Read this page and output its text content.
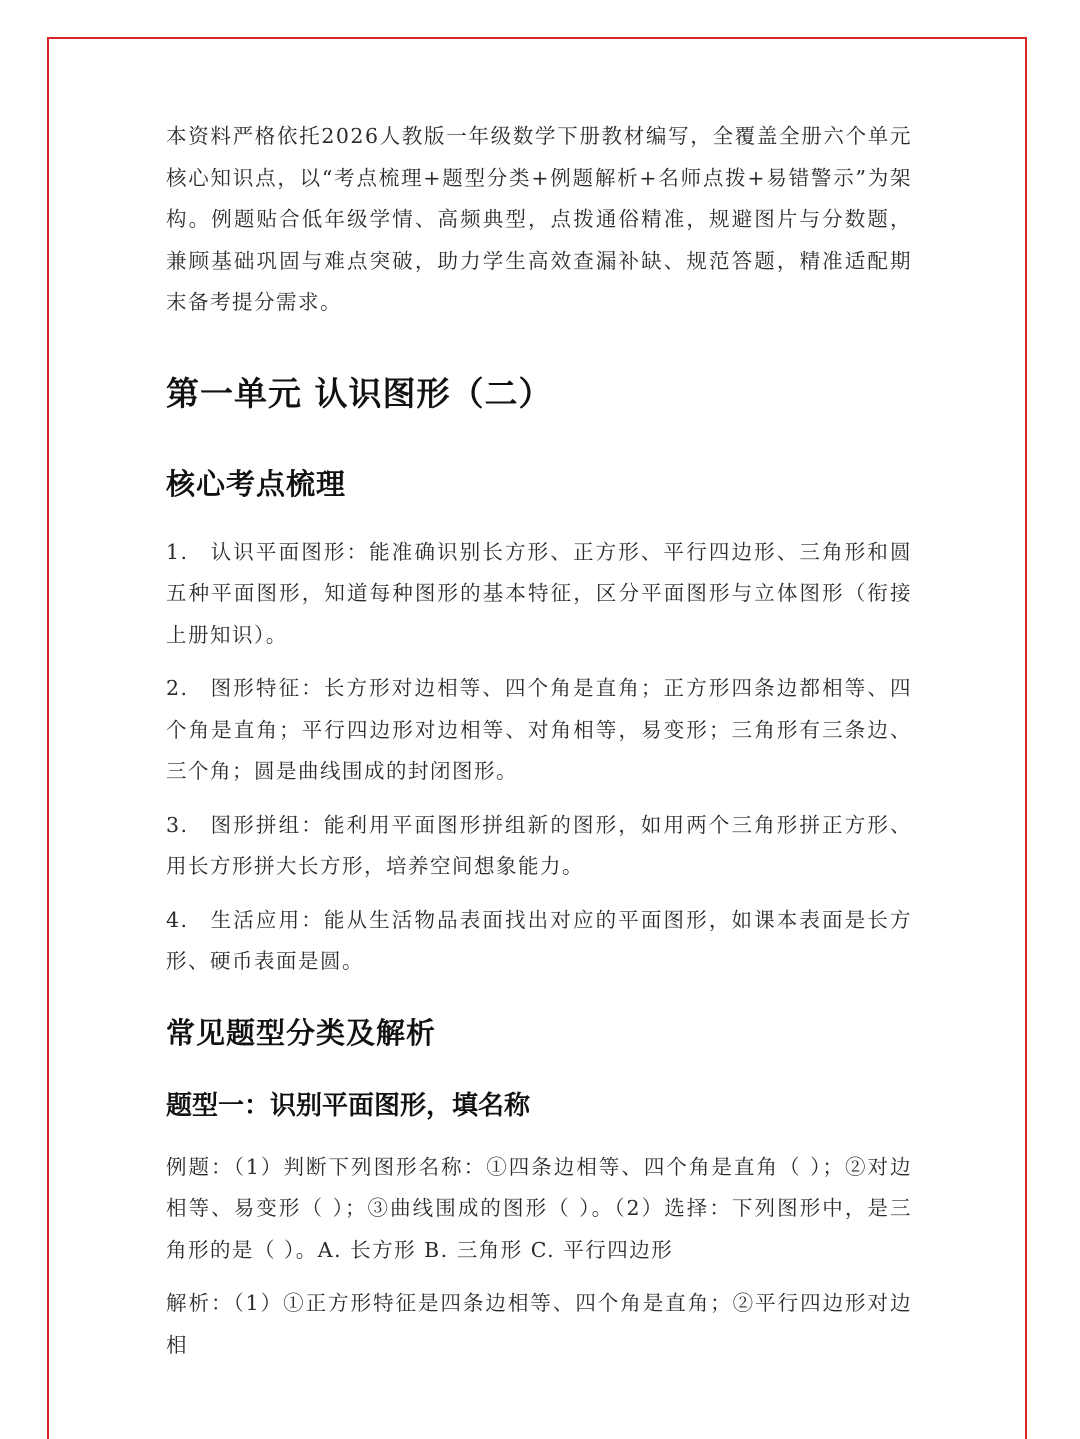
本资料严格依托2026人教版一年级数学下册教材编写，全覆盖全册六个单元核心知识点，以“考点梳理+题型分类+例题解析+名师点拨+易错警示”为架构。例题贴合低年级学情、高频典型，点拨通俗精准，规避图片与分数题，兼顾基础巩固与难点突破，助力学生高效查漏补缺、规范答题，精准适配期末备考提分需求。

第一单元 认识图形（二）
核心考点梳理

1. 认识平面图形：能准确识别长方形、正方形、平行四边形、三角形和圆五种平面图形，知道每种图形的基本特征，区分平面图形与立体图形（衔接上册知识）。

2. 图形特征：长方形对边相等、四个角是直角；正方形四条边都相等、四个角是直角；平行四边形对边相等、对角相等，易变形；三角形有三条边、三个角；圆是曲线围成的封闭图形。

3. 图形拼组：能利用平面图形拼组新的图形，如用两个三角形拼正方形、用长方形拼大长方形，培养空间想象能力。

4. 生活应用：能从生活物品表面找出对应的平面图形，如课本表面是长方形、硬币表面是圆。

常见题型分类及解析
题型一：识别平面图形，填名称

例题：（1）判断下列图形名称：①四条边相等、四个角是直角（ ）；②对边相等、易变形（ ）；③曲线围成的图形（ ）。（2）选择：下列图形中，是三角形的是（ ）。A. 长方形 B. 三角形 C. 平行四边形

解析：（1）①正方形特征是四条边相等、四个角是直角；②平行四边形对边相
